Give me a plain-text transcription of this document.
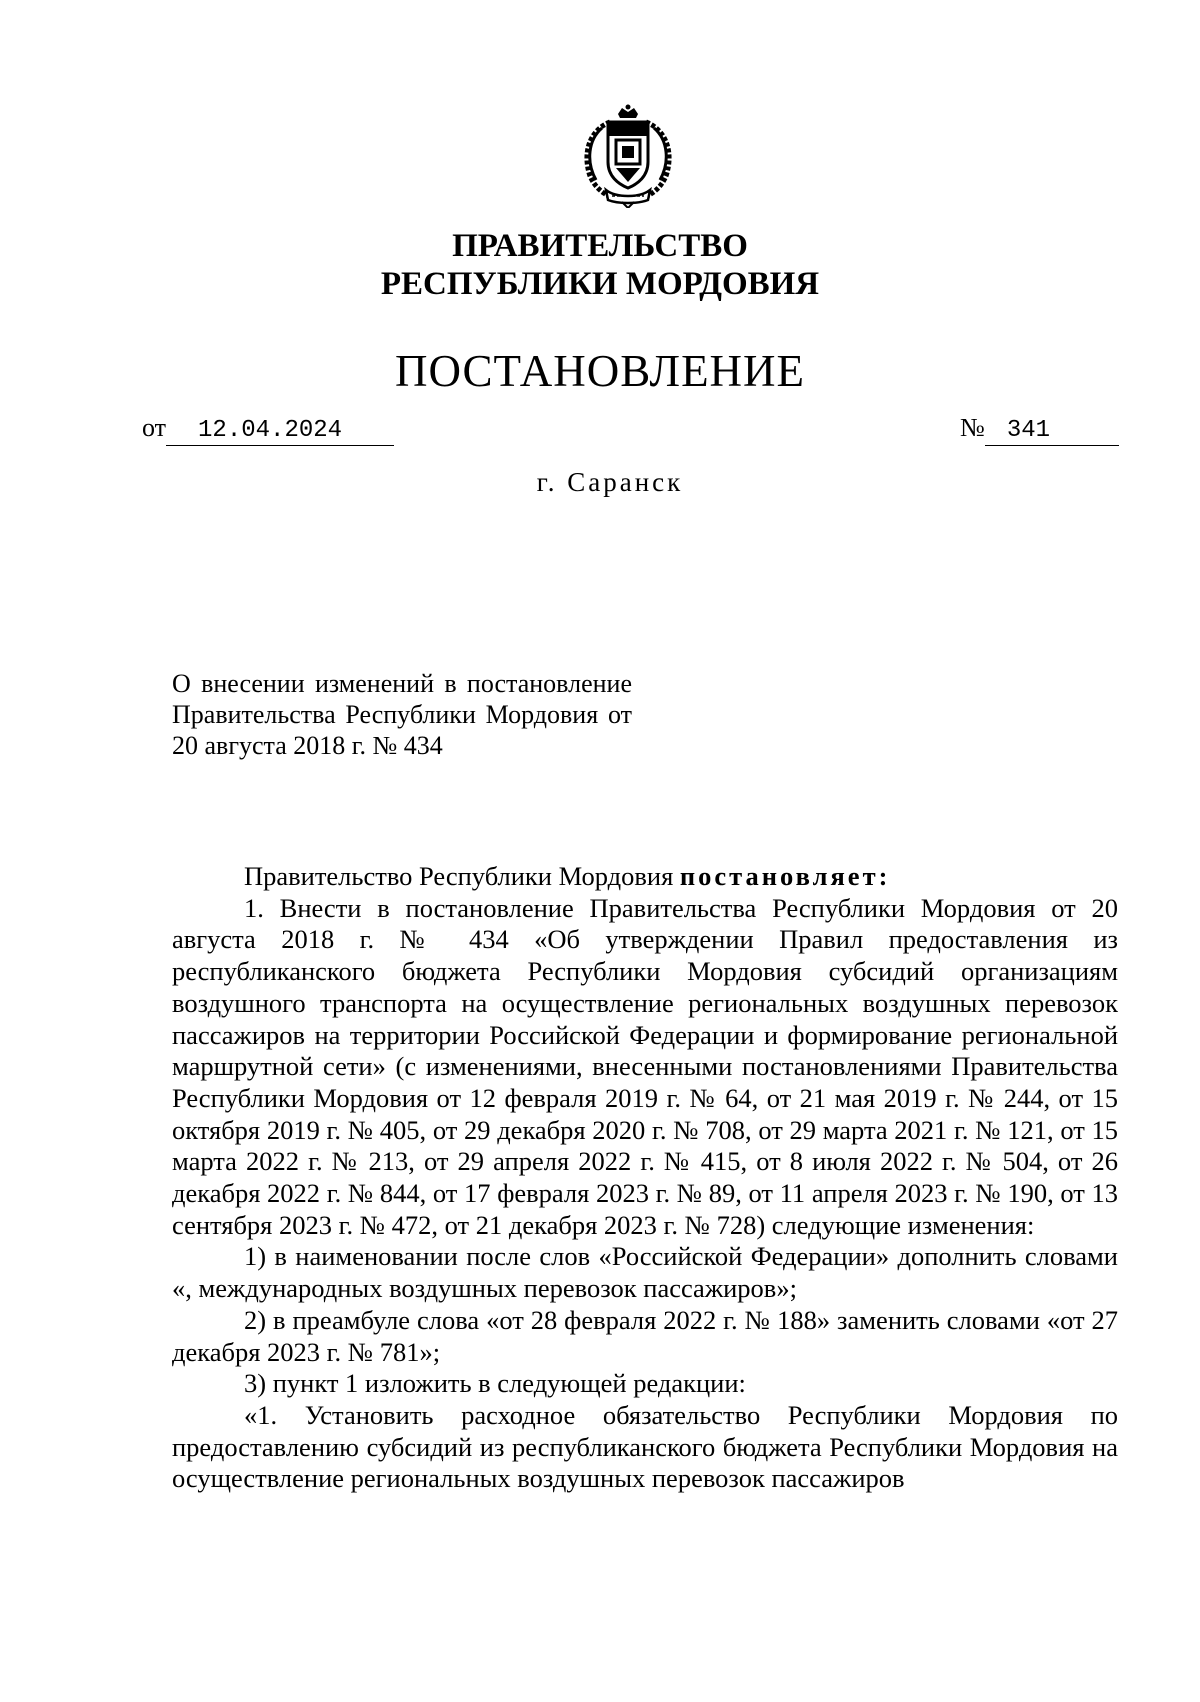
ПРАВИТЕЛЬСТВО
РЕСПУБЛИКИ МОРДОВИЯ
ПОСТАНОВЛЕНИЕ
от 12.04.2024	№ 341
г. Саранск
О внесении изменений в постановление Правительства Республики Мордовия от 20 августа 2018 г. № 434

Правительство Республики Мордовия постановляет:

1. Внести в постановление Правительства Республики Мордовия от 20 августа 2018 г. № 434 «Об утверждении Правил предоставления из республиканского бюджета Республики Мордовия субсидий организациям воздушного транспорта на осуществление региональных воздушных перевозок пассажиров на территории Российской Федерации и формирование региональной маршрутной сети» (с изменениями, внесенными постановлениями Правительства Республики Мордовия от 12 февраля 2019 г. № 64, от 21 мая 2019 г. № 244, от 15 октября 2019 г. № 405, от 29 декабря 2020 г. № 708, от 29 марта 2021 г. № 121, от 15 марта 2022 г. № 213, от 29 апреля 2022 г. № 415, от 8 июля 2022 г. № 504, от 26 декабря 2022 г. № 844, от 17 февраля 2023 г. № 89, от 11 апреля 2023 г. № 190, от 13 сентября 2023 г. № 472, от 21 декабря 2023 г. № 728) следующие изменения:

1) в наименовании после слов «Российской Федерации» дополнить словами «, международных воздушных перевозок пассажиров»;

2) в преамбуле слова «от 28 февраля 2022 г. № 188» заменить словами «от 27 декабря 2023 г. № 781»;

3) пункт 1 изложить в следующей редакции:

«1. Установить расходное обязательство Республики Мордовия по предоставлению субсидий из республиканского бюджета Республики Мордовия на осуществление региональных воздушных перевозок пассажиров
